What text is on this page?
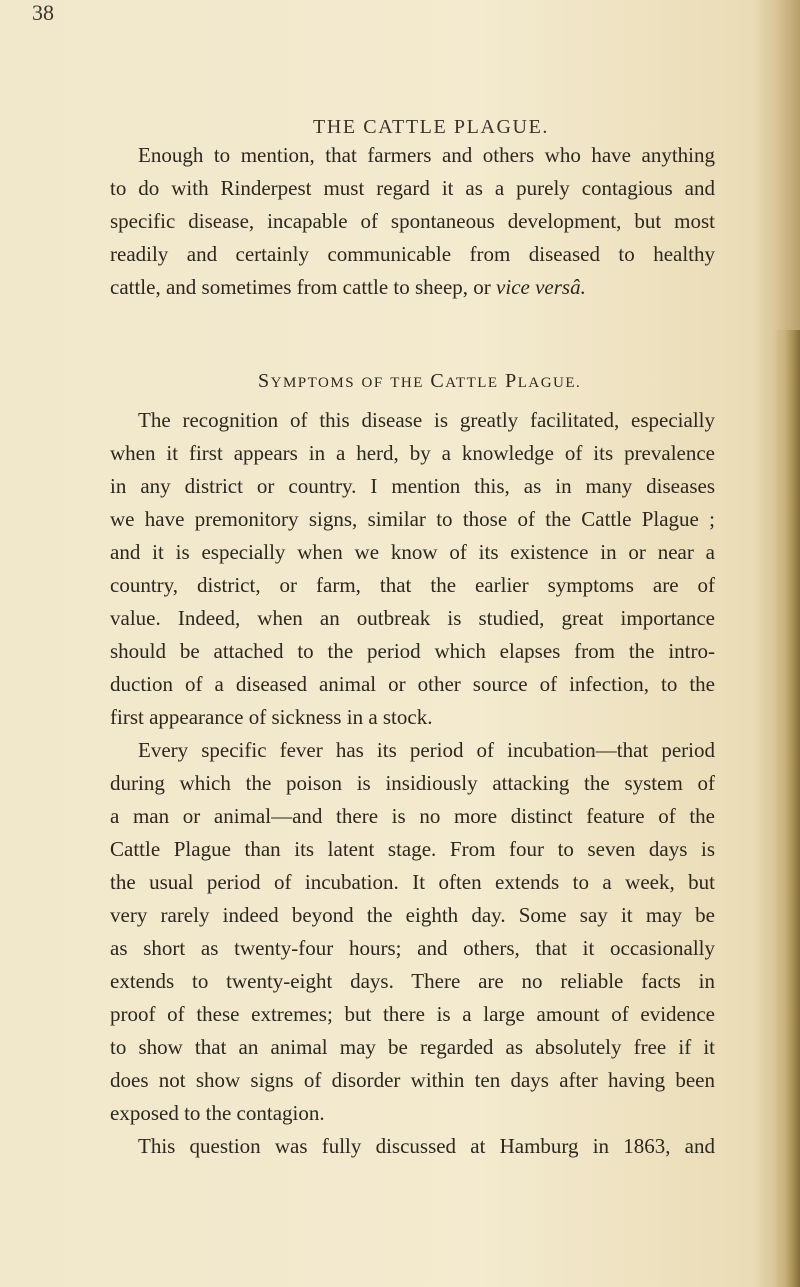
38
THE CATTLE PLAGUE.
Enough to mention, that farmers and others who have anything
to do with Rinderpest must regard it as a purely contagious and
specific disease, incapable of spontaneous development, but most
readily and certainly communicable from diseased to healthy
cattle, and sometimes from cattle to sheep, or vice versâ.
SYMPTOMS OF THE CATTLE PLAGUE.
The recognition of this disease is greatly facilitated, especially
when it first appears in a herd, by a knowledge of its prevalence
in any district or country. I mention this, as in many diseases
we have premonitory signs, similar to those of the Cattle Plague ;
and it is especially when we know of its existence in or near a
country, district, or farm, that the earlier symptoms are of
value. Indeed, when an outbreak is studied, great importance
should be attached to the period which elapses from the intro-
duction of a diseased animal or other source of infection, to the
first appearance of sickness in a stock.
Every specific fever has its period of incubation—that period
during which the poison is insidiously attacking the system of
a man or animal—and there is no more distinct feature of the
Cattle Plague than its latent stage. From four to seven days is
the usual period of incubation. It often extends to a week, but
very rarely indeed beyond the eighth day. Some say it may be
as short as twenty-four hours; and others, that it occasionally
extends to twenty-eight days. There are no reliable facts in
proof of these extremes; but there is a large amount of evidence
to show that an animal may be regarded as absolutely free if it
does not show signs of disorder within ten days after having been
exposed to the contagion.
This question was fully discussed at Hamburg in 1863, and
